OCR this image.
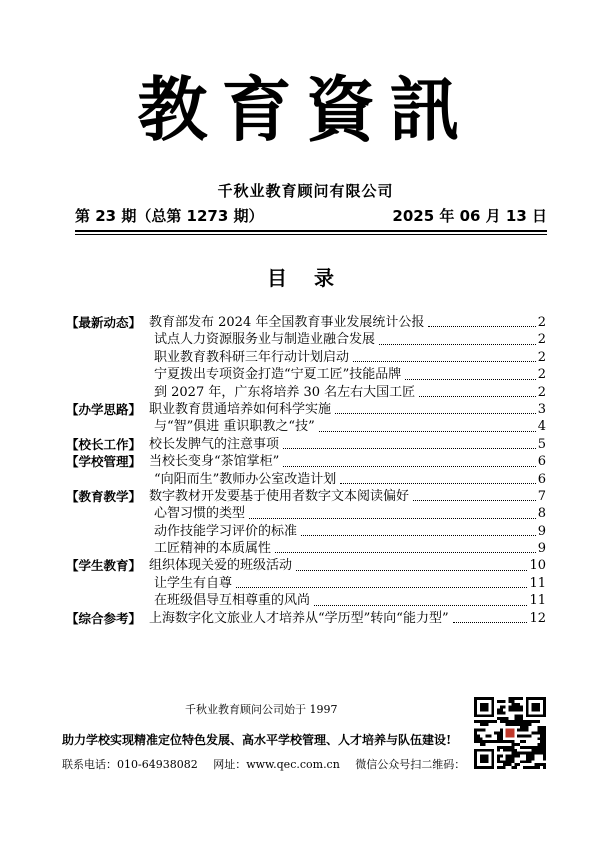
教育資訊
千秋业教育顾问有限公司
第 23 期（总第 1273 期）	2025 年 06 月 13 日
目 录
【最新动态】 教育部发布 2024 年全国教育事业发展统计公报	2
试点人力资源服务业与制造业融合发展	2
职业教育教科研三年行动计划启动	2
宁夏拨出专项资金打造“宁夏工匠”技能品牌	2
到 2027 年，广东将培养 30 名左右大国工匠	2
【办学思路】 职业教育贯通培养如何科学实施	3
与“智”俱进 重识职教之“技”	4
【校长工作】 校长发脾气的注意事项	5
【学校管理】 当校长变身“茶馆掌柜”	6
“向阳而生”教师办公室改造计划	6
【教育教学】 数字教材开发要基于使用者数字文本阅读偏好	7
心智习惯的类型	8
动作技能学习评价的标准	9
工匠精神的本质属性	9
【学生教育】 组织体现关爱的班级活动	10
让学生有自尊	11
在班级倡导互相尊重的风尚	11
【综合参考】 上海数字化文旅业人才培养从“学历型”转向“能力型”	12
千秋业教育顾问公司始于 1997
助力学校实现精准定位特色发展、高水平学校管理、人才培养与队伍建设!
联系电话：010-64938082 网址：www.qec.com.cn 微信公众号扫二维码：
